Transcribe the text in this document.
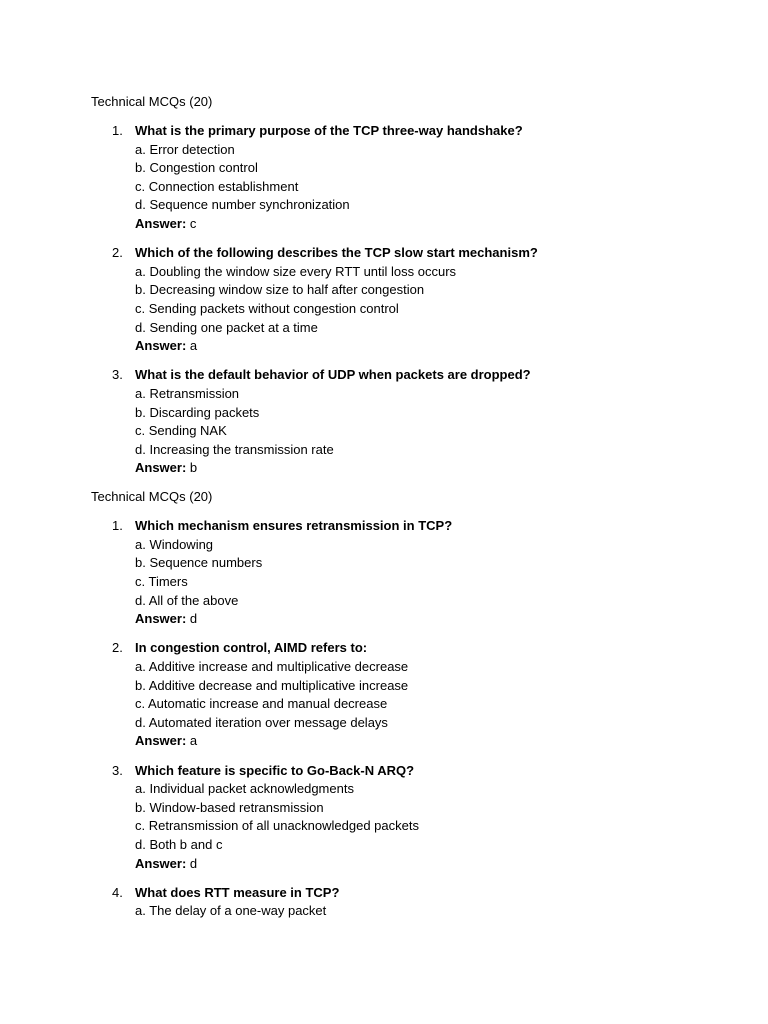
Technical MCQs (20)

1. What is the primary purpose of the TCP three-way handshake?
a. Error detection
b. Congestion control
c. Connection establishment
d. Sequence number synchronization
Answer: c
2. Which of the following describes the TCP slow start mechanism?
a. Doubling the window size every RTT until loss occurs
b. Decreasing window size to half after congestion
c. Sending packets without congestion control
d. Sending one packet at a time
Answer: a
3. What is the default behavior of UDP when packets are dropped?
a. Retransmission
b. Discarding packets
c. Sending NAK
d. Increasing the transmission rate
Answer: b

Technical MCQs (20)

1. Which mechanism ensures retransmission in TCP?
a. Windowing
b. Sequence numbers
c. Timers
d. All of the above
Answer: d
2. In congestion control, AIMD refers to:
a. Additive increase and multiplicative decrease
b. Additive decrease and multiplicative increase
c. Automatic increase and manual decrease
d. Automated iteration over message delays
Answer: a
3. Which feature is specific to Go-Back-N ARQ?
a. Individual packet acknowledgments
b. Window-based retransmission
c. Retransmission of all unacknowledged packets
d. Both b and c
Answer: d
4. What does RTT measure in TCP?
a. The delay of a one-way packet
